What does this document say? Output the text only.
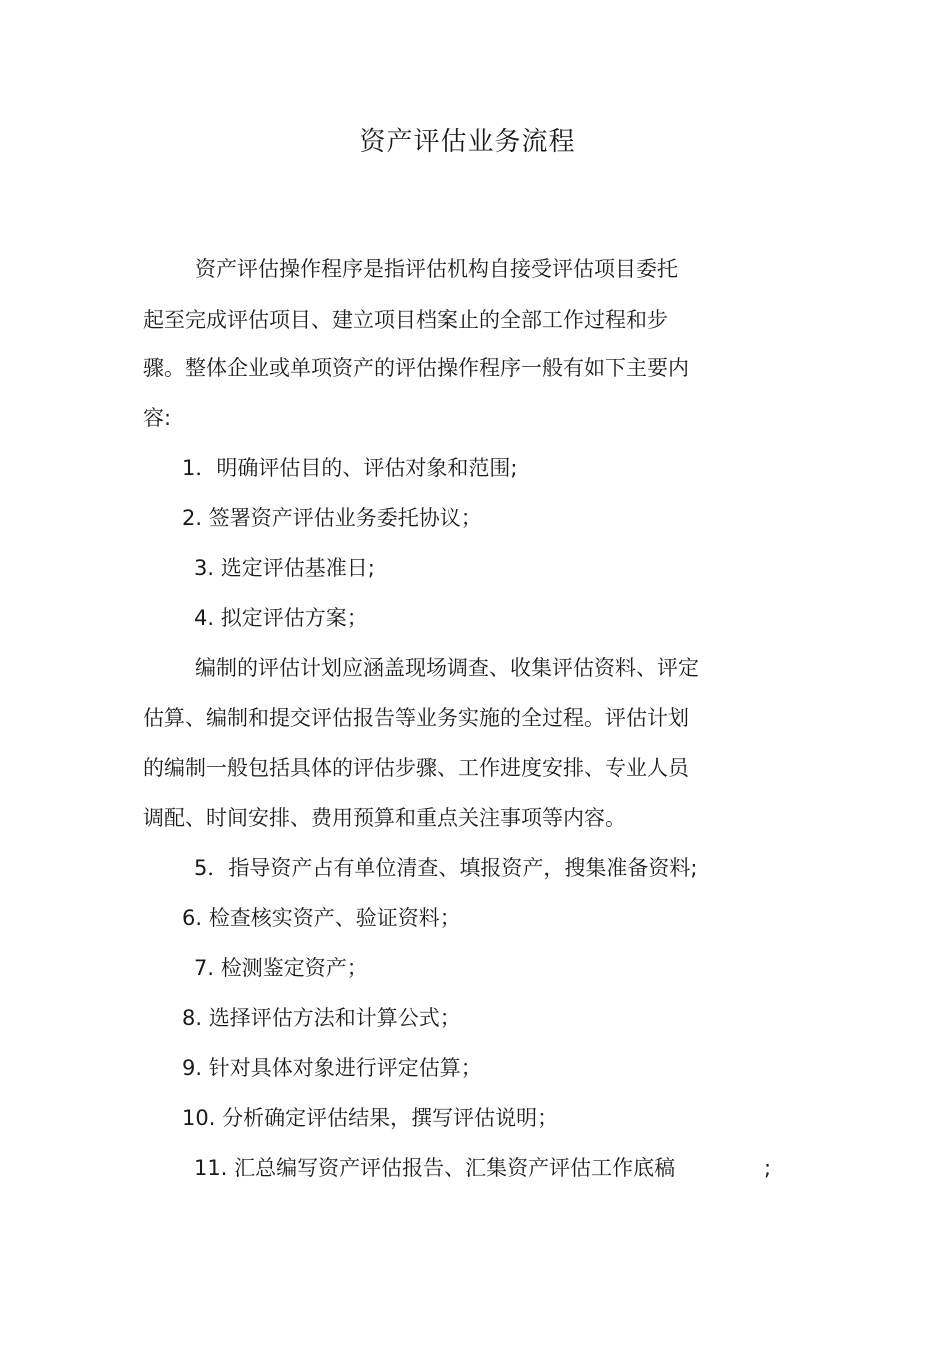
资产评估业务流程

资产评估操作程序是指评估机构自接受评估项目委托

起至完成评估项目、建立项目档案止的全部工作过程和步

骤。整体企业或单项资产的评估操作程序一般有如下主要内

容:

1．明确评估目的、评估对象和范围;

2. 签署资产评估业务委托协议；

3. 选定评估基准日;

4. 拟定评估方案；

编制的评估计划应涵盖现场调查、收集评估资料、评定

估算、编制和提交评估报告等业务实施的全过程。评估计划

的编制一般包括具体的评估步骤、工作进度安排、专业人员

调配、时间安排、费用预算和重点关注事项等内容。

5．指导资产占有单位清查、填报资产，搜集准备资料;

6. 检查核实资产、验证资料；

7. 检测鉴定资产；

8. 选择评估方法和计算公式；

9. 针对具体对象进行评定估算；

10. 分析确定评估结果，撰写评估说明；

11. 汇总编写资产评估报告、汇集资产评估工作底稿	;
